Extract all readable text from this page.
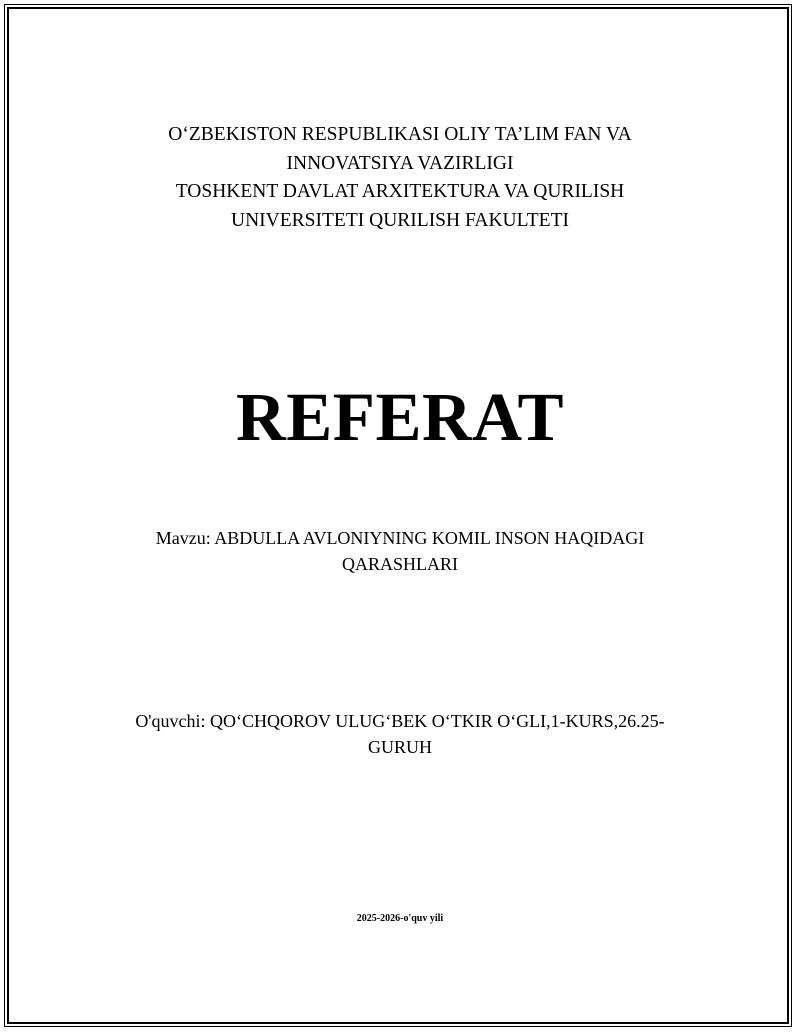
O‘ZBEKISTON RESPUBLIKASI OLIY TA’LIM FAN VA
INNOVATSIYA VAZIRLIGI
TOSHKENT DAVLAT ARXITEKTURA VA QURILISH
UNIVERSITETI QURILISH FAKULTETI
REFERAT
Mavzu: ABDULLA AVLONIYNING KOMIL INSON HAQIDAGI
QARASHLARI
O'quvchi: QO‘CHQOROV ULUG‘BEK O‘TKIR O‘GLI,1-KURS,26.25-
GURUH
2025-2026-o'quv yili
